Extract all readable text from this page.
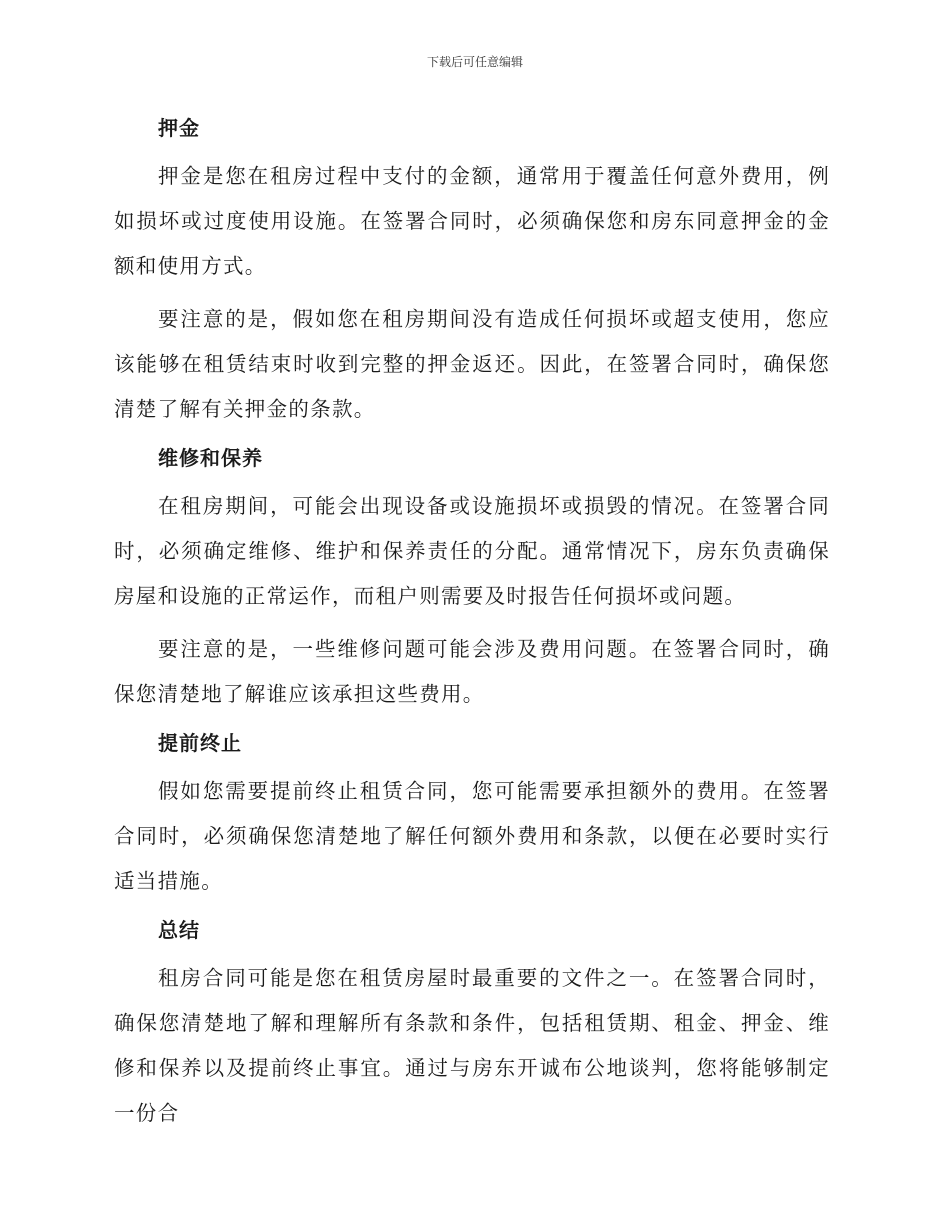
下载后可任意编辑
押金

押金是您在租房过程中支付的金额，通常用于覆盖任何意外费用，例如损坏或过度使用设施。在签署合同时，必须确保您和房东同意押金的金额和使用方式。

要注意的是，假如您在租房期间没有造成任何损坏或超支使用，您应该能够在租赁结束时收到完整的押金返还。因此，在签署合同时，确保您清楚了解有关押金的条款。

维修和保养

在租房期间，可能会出现设备或设施损坏或损毁的情况。在签署合同时，必须确定维修、维护和保养责任的分配。通常情况下，房东负责确保房屋和设施的正常运作，而租户则需要及时报告任何损坏或问题。

要注意的是，一些维修问题可能会涉及费用问题。在签署合同时，确保您清楚地了解谁应该承担这些费用。

提前终止

假如您需要提前终止租赁合同，您可能需要承担额外的费用。在签署合同时，必须确保您清楚地了解任何额外费用和条款，以便在必要时实行适当措施。

总结

租房合同可能是您在租赁房屋时最重要的文件之一。在签署合同时，确保您清楚地了解和理解所有条款和条件，包括租赁期、租金、押金、维修和保养以及提前终止事宜。通过与房东开诚布公地谈判，您将能够制定一份合
